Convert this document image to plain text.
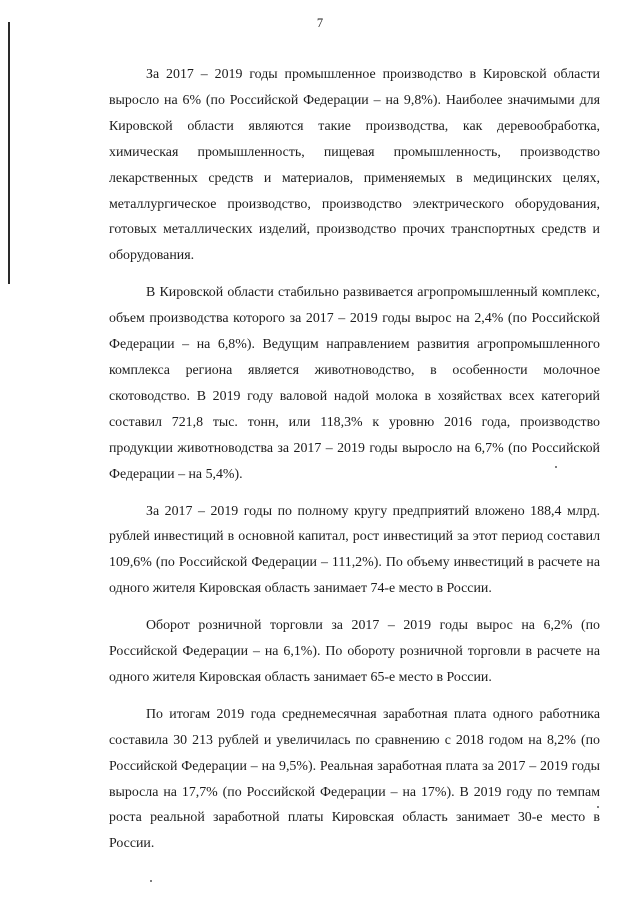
7

За 2017 – 2019 годы промышленное производство в Кировской области выросло на 6% (по Российской Федерации – на 9,8%). Наиболее значимыми для Кировской области являются такие производства, как деревообработка, химическая промышленность, пищевая промышленность, производство лекарственных средств и материалов, применяемых в медицинских целях, металлургическое производство, производство электрического оборудования, готовых металлических изделий, производство прочих транспортных средств и оборудования.

В Кировской области стабильно развивается агропромышленный комплекс, объем производства которого за 2017 – 2019 годы вырос на 2,4% (по Российской Федерации – на 6,8%). Ведущим направлением развития агропромышленного комплекса региона является животноводство, в особенности молочное скотоводство. В 2019 году валовой надой молока в хозяйствах всех категорий составил 721,8 тыс. тонн, или 118,3% к уровню 2016 года, производство продукции животноводства за 2017 – 2019 годы выросло на 6,7% (по Российской Федерации – на 5,4%).

За 2017 – 2019 годы по полному кругу предприятий вложено 188,4 млрд. рублей инвестиций в основной капитал, рост инвестиций за этот период составил 109,6% (по Российской Федерации – 111,2%). По объему инвестиций в расчете на одного жителя Кировская область занимает 74-е место в России.

Оборот розничной торговли за 2017 – 2019 годы вырос на 6,2% (по Российской Федерации – на 6,1%). По обороту розничной торговли в расчете на одного жителя Кировская область занимает 65-е место в России.

По итогам 2019 года среднемесячная заработная плата одного работника составила 30 213 рублей и увеличилась по сравнению с 2018 годом на 8,2% (по Российской Федерации – на 9,5%). Реальная заработная плата за 2017 – 2019 годы выросла на 17,7% (по Российской Федерации – на 17%). В 2019 году по темпам роста реальной заработной платы Кировская область занимает 30-е место в России.
